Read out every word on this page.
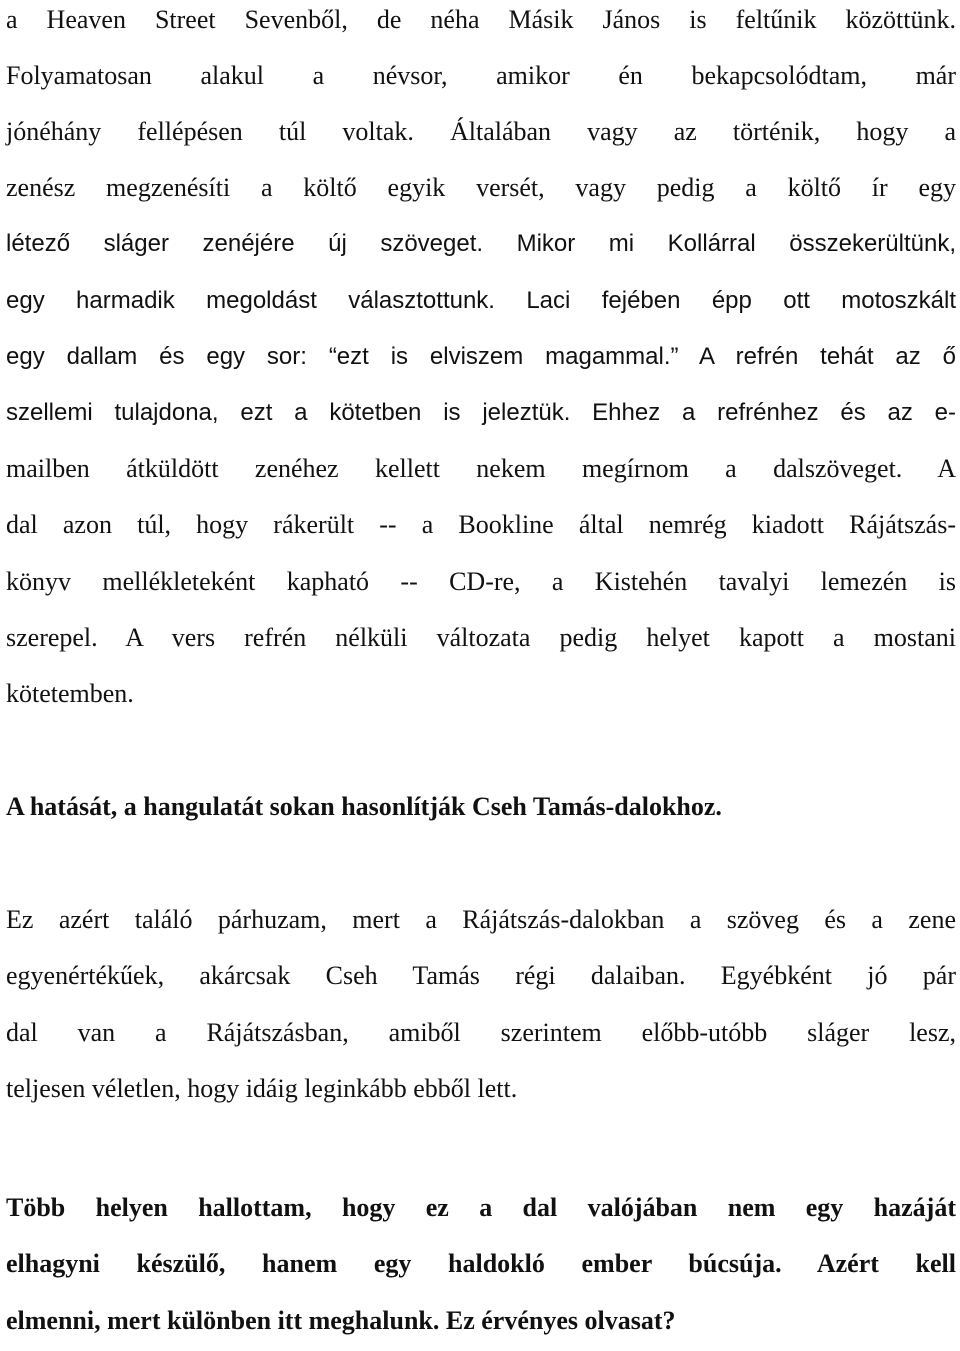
a Heaven Street Sevenből, de néha Másik János is feltűnik közöttünk.
Folyamatosan alakul a névsor, amikor én bekapcsolódtam, már
jónéhány fellépésen túl voltak. Általában vagy az történik, hogy a
zenész megzenésíti a költő egyik versét, vagy pedig a költő ír egy
létező sláger zenéjére új szöveget. Mikor mi Kollárral összekerültünk,
egy harmadik megoldást választottunk. Laci fejében épp ott motoszkált
egy dallam és egy sor: “ezt is elviszem magammal.” A refrén tehát az ő
szellemi tulajdona, ezt a kötetben is jeleztük. Ehhez a refrénhez és az e-
mailben átküldött zenéhez kellett nekem megírnom a dalszöveget. A
dal azon túl, hogy rákerült -- a Bookline által nemrég kiadott Rájátszás-
könyv mellékleteként kapható -- CD-re, a Kistehén tavalyi lemezén is
szerepel. A vers refrén nélküli változata pedig helyet kapott a mostani
kötetemben.
A hatását, a hangulatát sokan hasonlítják Cseh Tamás-dalokhoz.
Ez azért találó párhuzam, mert a Rájátszás-dalokban a szöveg és a zene
egyenértékűek, akárcsak Cseh Tamás régi dalaiban. Egyébként jó pár
dal van a Rájátszásban, amiből szerintem előbb-utóbb sláger lesz,
teljesen véletlen, hogy idáig leginkább ebből lett.
Több helyen hallottam, hogy ez a dal valójában nem egy hazáját
elhagyni készülő, hanem egy haldokló ember búcsúja. Azért kell
elmenni, mert különben itt meghalunk. Ez érvényes olvasat?
